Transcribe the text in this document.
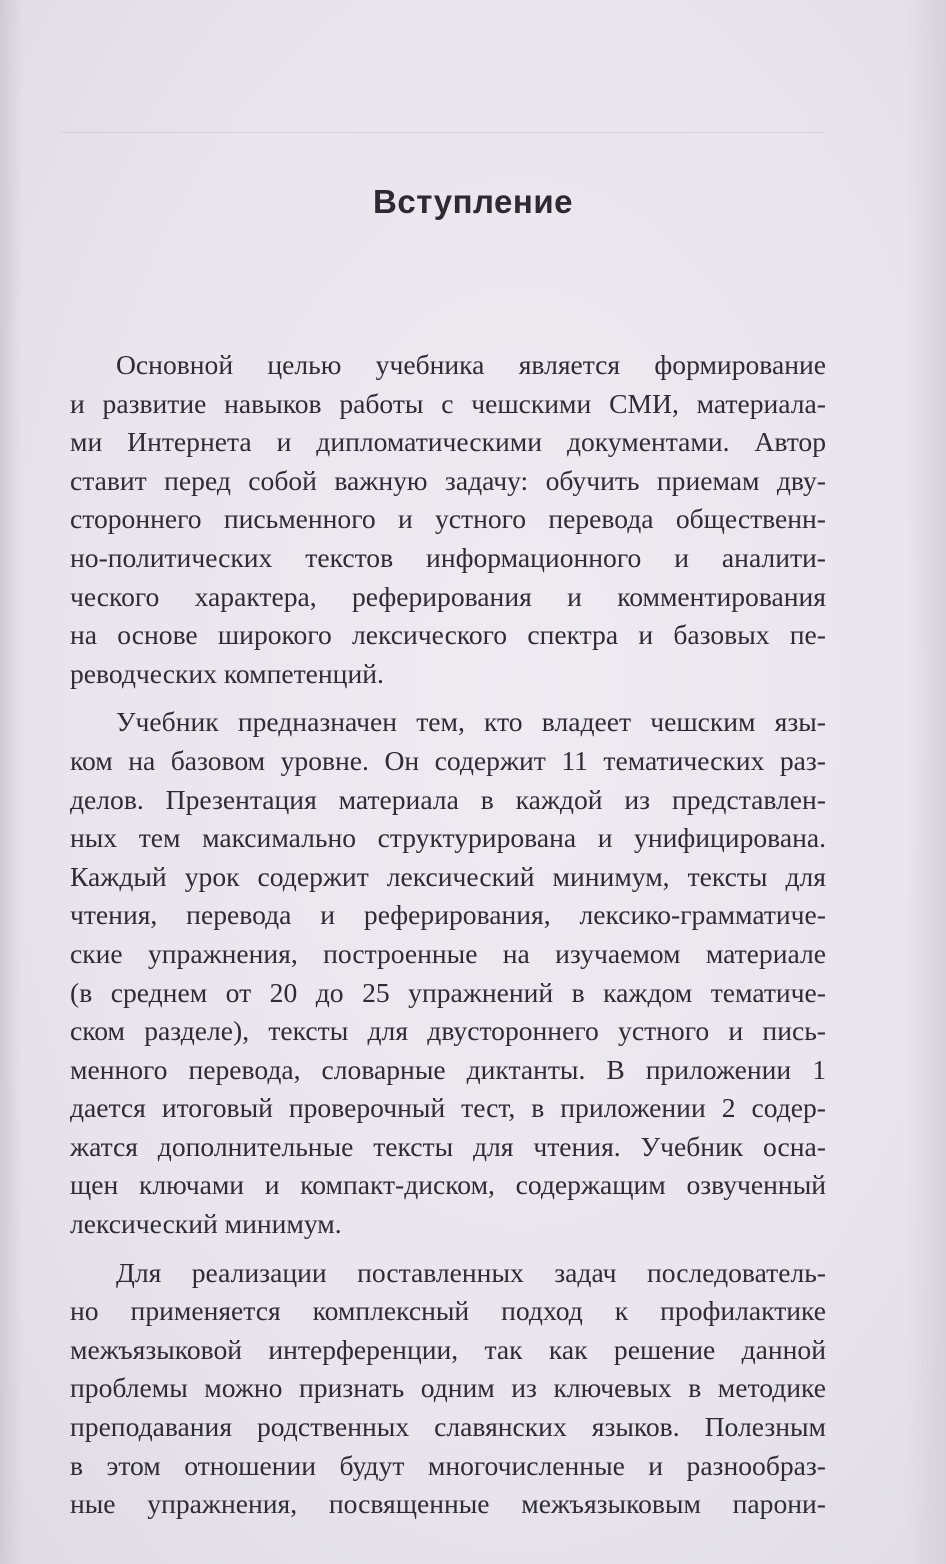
Вступление
Основной целью учебника является формирование
и развитие навыков работы с чешскими СМИ, материала-
ми Интернета и дипломатическими документами. Автор
ставит перед собой важную задачу: обучить приемам дву-
стороннего письменного и устного перевода общественн-
но-политических текстов информационного и аналити-
ческого характера, реферирования и комментирования
на основе широкого лексического спектра и базовых пе-
реводческих компетенций.
Учебник предназначен тем, кто владеет чешским язы-
ком на базовом уровне. Он содержит 11 тематических раз-
делов. Презентация материала в каждой из представлен-
ных тем максимально структурирована и унифицирована.
Каждый урок содержит лексический минимум, тексты для
чтения, перевода и реферирования, лексико-грамматиче-
ские упражнения, построенные на изучаемом материале
(в среднем от 20 до 25 упражнений в каждом тематиче-
ском разделе), тексты для двустороннего устного и пись-
менного перевода, словарные диктанты. В приложении 1
дается итоговый проверочный тест, в приложении 2 содер-
жатся дополнительные тексты для чтения. Учебник осна-
щен ключами и компакт-диском, содержащим озвученный
лексический минимум.
Для реализации поставленных задач последователь-
но применяется комплексный подход к профилактике
межъязыковой интерференции, так как решение данной
проблемы можно признать одним из ключевых в методике
преподавания родственных славянских языков. Полезным
в этом отношении будут многочисленные и разнообраз-
ные упражнения, посвященные межъязыковым парони-
